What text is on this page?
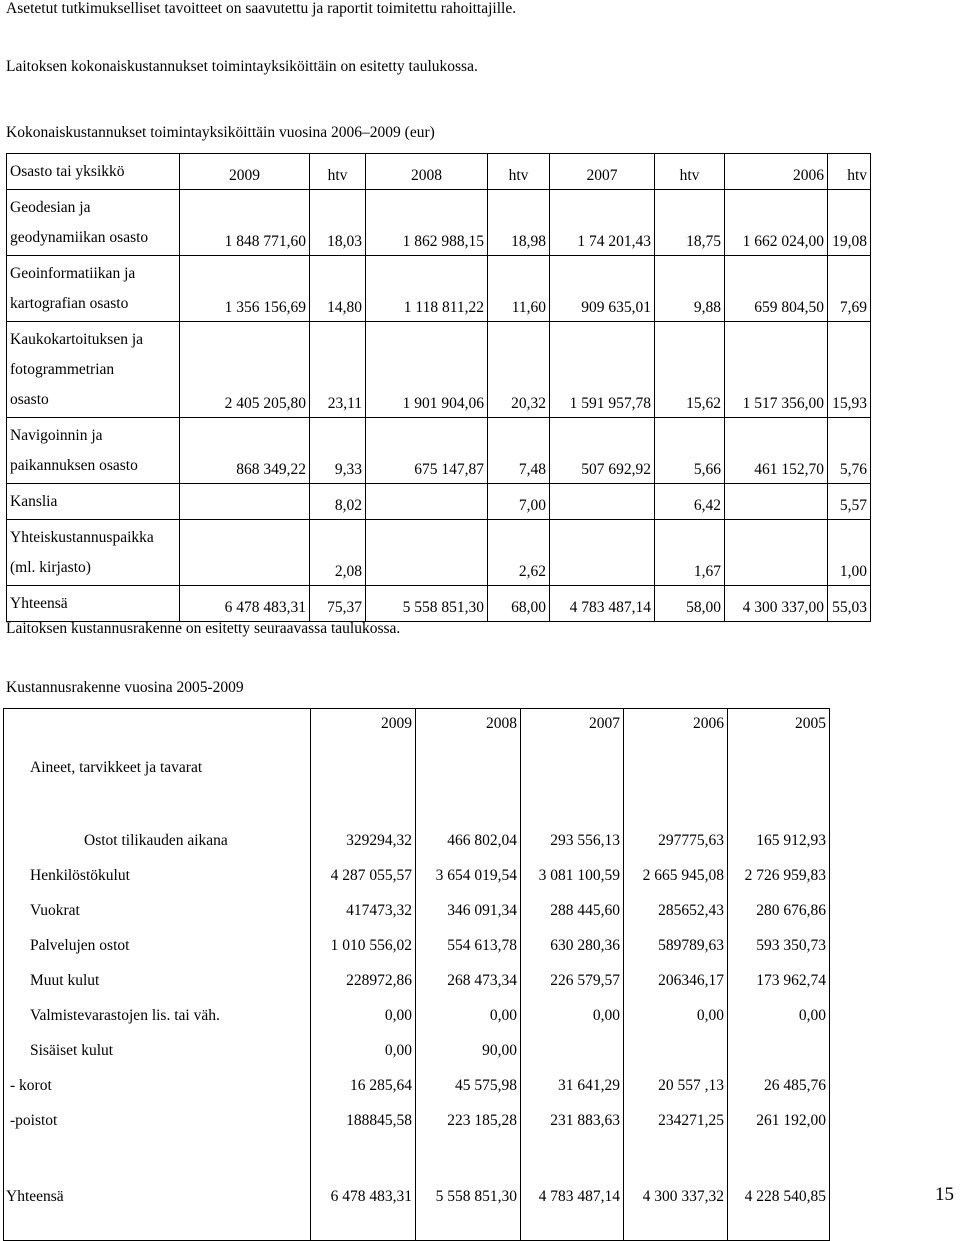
Asetetut tutkimukselliset tavoitteet on saavutettu ja raportit toimitettu rahoittajille.
Laitoksen kokonaiskustannukset toimintayksiköittäin on esitetty taulukossa.
Kokonaiskustannukset toimintayksiköittäin vuosina 2006–2009 (eur)
Osasto tai yksikkö	2009	htv	2008	htv	2007	htv	2006	htv
Geodesian ja
geodynamiikan osasto	1 848 771,60	18,03	1 862 988,15	18,98	1 74 201,43	18,75	1 662 024,00	19,08
Geoinformatiikan ja
kartografian osasto	1 356 156,69	14,80	1 118 811,22	11,60	909 635,01	9,88	659 804,50	7,69
Kaukokartoituksen ja
fotogrammetrian
osasto	2 405 205,80	23,11	1 901 904,06	20,32	1 591 957,78	15,62	1 517 356,00	15,93
Navigoinnin ja
paikannuksen osasto	868 349,22	9,33	675 147,87	7,48	507 692,92	5,66	461 152,70	5,76
Kanslia		8,02		7,00		6,42		5,57
Yhteiskustannuspaikka
(ml. kirjasto)		2,08		2,62		1,67		1,00
Yhteensä	6 478 483,31	75,37	5 558 851,30	68,00	4 783 487,14	58,00	4 300 337,00	55,03
Laitoksen kustannusrakenne on esitetty seuraavassa taulukossa.
Kustannusrakenne vuosina 2005-2009
Aineet, tarvikkeet ja tavarat	2009	2008	2007	2006	2005

Ostot tilikauden aikana	329294,32	466 802,04	293 556,13	297775,63	165 912,93
Henkilöstökulut	4 287 055,57	3 654 019,54	3 081 100,59	2 665 945,08	2 726 959,83
Vuokrat	417473,32	346 091,34	288 445,60	285652,43	280 676,86
Palvelujen ostot	1 010 556,02	554 613,78	630 280,36	589789,63	593 350,73
Muut kulut	228972,86	268 473,34	226 579,57	206346,17	173 962,74
Valmistevarastojen lis. tai väh.	0,00	0,00	0,00	0,00	0,00
Sisäiset kulut	0,00	90,00			
- korot	16 285,64	45 575,98	31 641,29	20 557 ,13	26 485,76
-poistot	188845,58	223 185,28	231 883,63	234271,25	261 192,00
Yhteensä	6 478 483,31	5 558 851,30	4 783 487,14	4 300 337,32	4 228 540,85	15
